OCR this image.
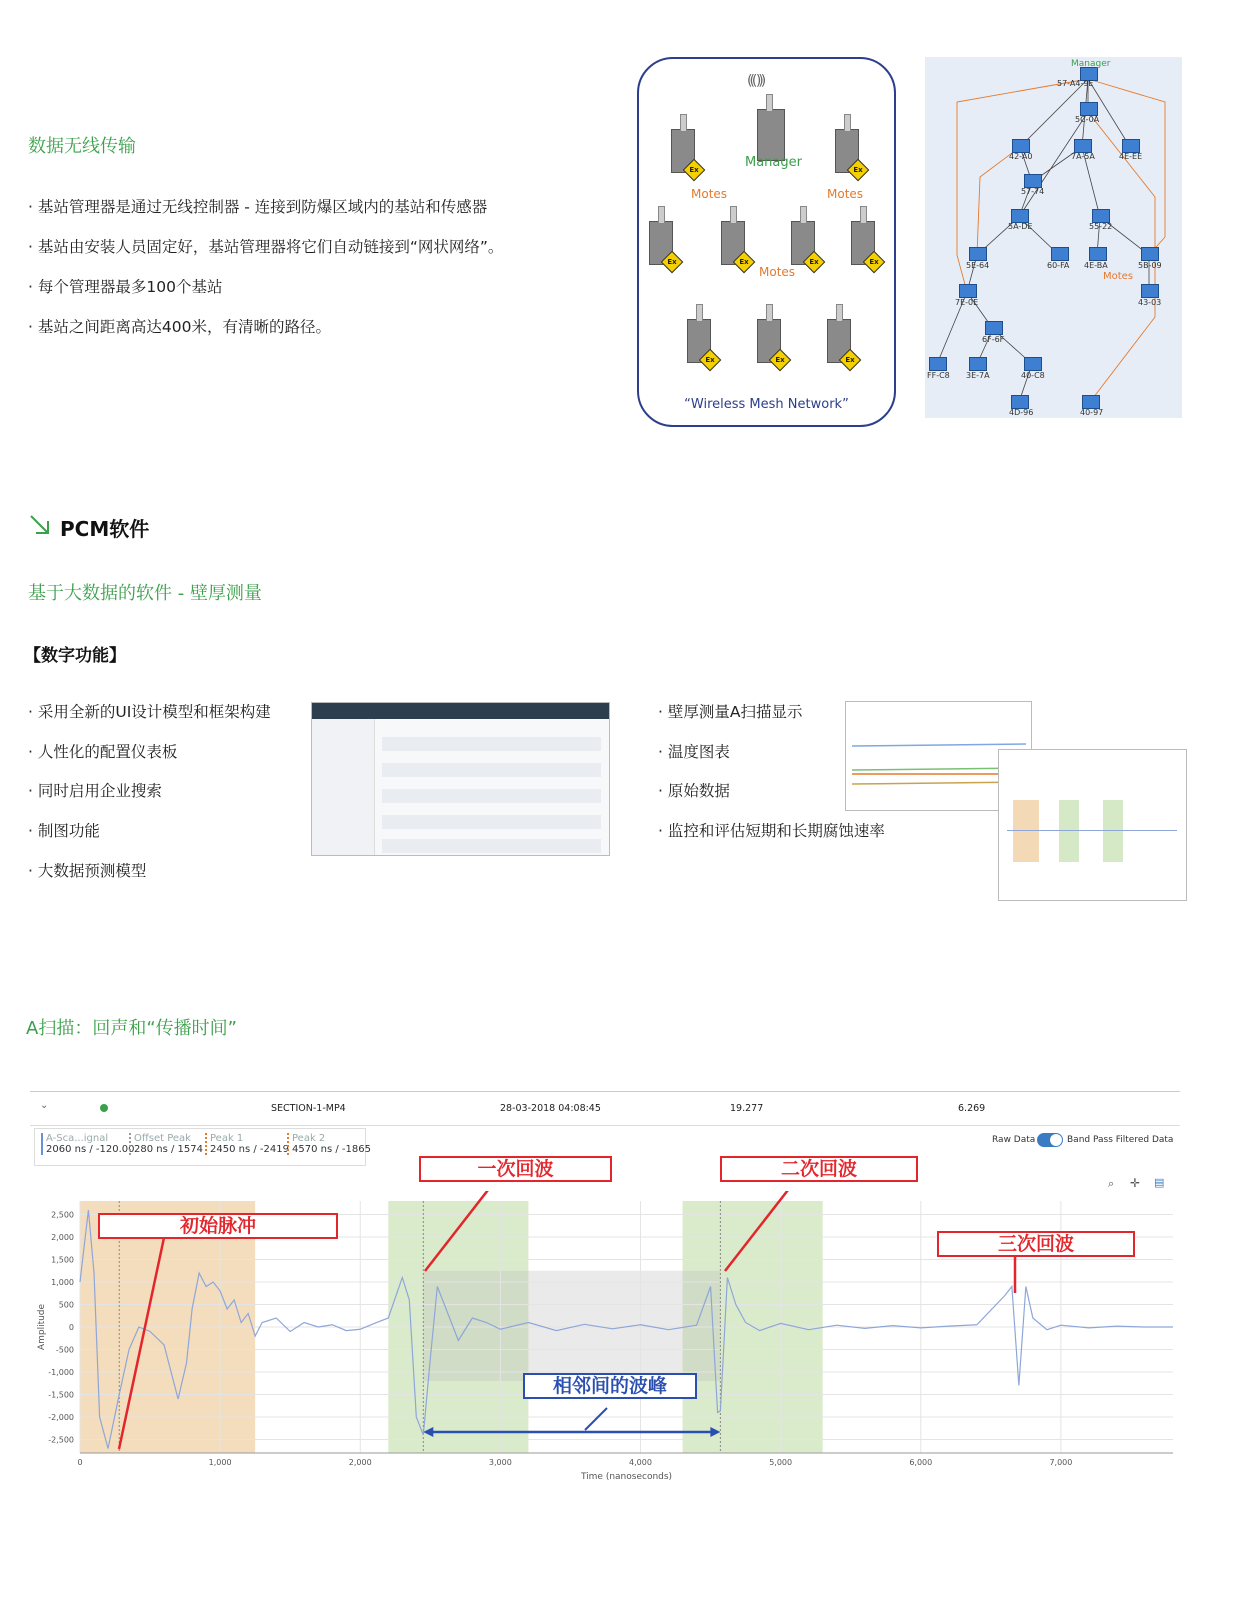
数据无线传输
· 基站管理器是通过无线控制器 - 连接到防爆区域内的基站和传感器
· 基站由安装人员固定好，基站管理器将它们自动链接到“网状网络”。
· 每个管理器最多100个基站
· 基站之间距离高达400米，有清晰的路径。
((( )))
Manager
Ex	Ex
Motes	Motes
Ex	Ex	Ex	Ex
Motes
Ex	Ex	Ex
“Wireless Mesh Network”
Manager
57-A4-9E
5C-0A
42-A0	7A-5A	4E-EE
57-74
5A-DE	55-22
5E-64	60-FA 4E-BA	5B-09
Motes
7E-0E	43-03
6F-6F
FF-C8 3E-7A	40-C8
4D-96	40-97
PCM软件
基于大数据的软件 - 壁厚测量
【数字功能】
· 采用全新的UI设计模型和框架构建
· 人性化的配置仪表板
· 同时启用企业搜索
· 制图功能
· 大数据预测模型
· 壁厚测量A扫描显示
· 温度图表
· 原始数据
· 监控和评估短期和长期腐蚀速率
A扫描：回声和“传播时间”
⌄	SECTION-1-MP4	28-03-2018 04:08:45	19.277	6.269
A-Sca...ignal
2060 ns / -120.00
Offset Peak
280 ns / 1574
Peak 1
2450 ns / -2419
Peak 2
4570 ns / -1865
Raw Data	Band Pass Filtered Data
⌕ ✛ ▤
2,500
2,000
1,500
1,000
500
0
-500
-1,000
-1,500
-2,000
-2,500
0	1,000	2,000	3,000	4,000	5,000	6,000	7,000
Time (nanoseconds)
Amplitude
初始脉冲
一次回波	二次回波
三次回波
相邻间的波峰
